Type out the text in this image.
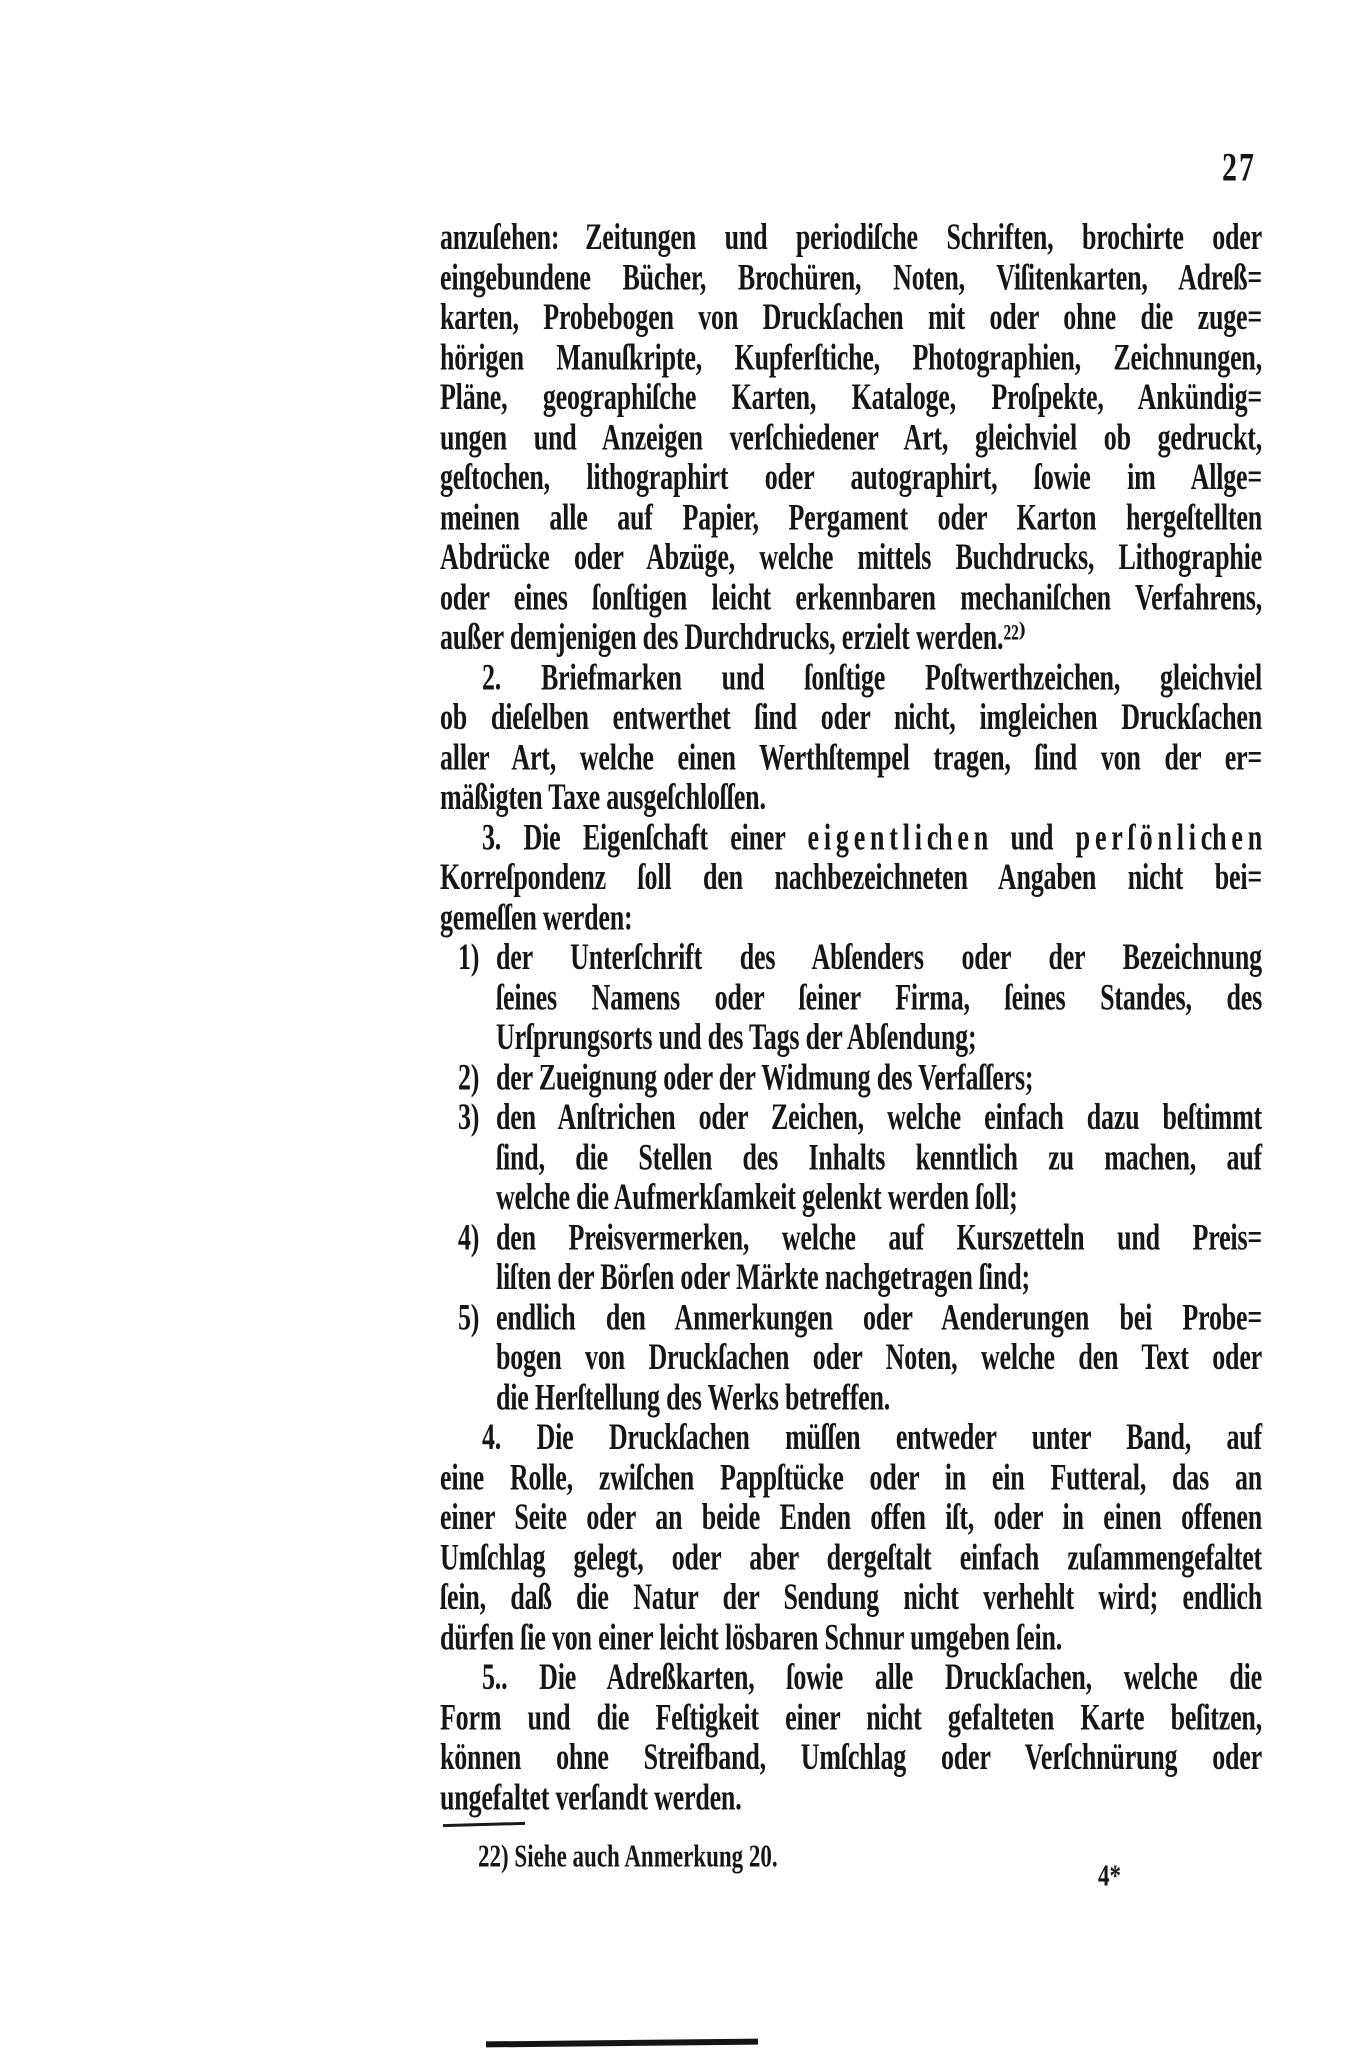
27
anzuſehen: Zeitungen und periodiſche Schriften, brochirte oder
eingebundene Bücher, Brochüren, Noten, Viſitenkarten, Adreß=
karten, Probebogen von Druckſachen mit oder ohne die zuge=
hörigen Manuſkripte, Kupferſtiche, Photographien, Zeichnungen,
Pläne, geographiſche Karten, Kataloge, Proſpekte, Ankündig=
ungen und Anzeigen verſchiedener Art, gleichviel ob gedruckt,
geſtochen, lithographirt oder autographirt, ſowie im Allge=
meinen alle auf Papier, Pergament oder Karton hergeſtellten
Abdrücke oder Abzüge, welche mittels Buchdrucks, Lithographie
oder eines ſonſtigen leicht erkennbaren mechaniſchen Verfahrens,
außer demjenigen des Durchdrucks, erzielt werden.²²⁾
2. Briefmarken und ſonſtige Poſtwerthzeichen, gleichviel
ob dieſelben entwerthet ſind oder nicht, imgleichen Druckſachen
aller Art, welche einen Werthſtempel tragen, ſind von der er=
mäßigten Taxe ausgeſchloſſen.
3. Die Eigenſchaft einer e i g e n t l i ch e n und p e r ſ ö n l i ch e n
Korreſpondenz ſoll den nachbezeichneten Angaben nicht bei=
gemeſſen werden:
1) der Unterſchrift des Abſenders oder der Bezeichnung
ſeines Namens oder ſeiner Firma, ſeines Standes, des
Urſprungsorts und des Tags der Abſendung;
2) der Zueignung oder der Widmung des Verfaſſers;
3) den Anſtrichen oder Zeichen, welche einfach dazu beſtimmt
ſind, die Stellen des Inhalts kenntlich zu machen, auf
welche die Aufmerkſamkeit gelenkt werden ſoll;
4) den Preisvermerken, welche auf Kurszetteln und Preis=
liſten der Börſen oder Märkte nachgetragen ſind;
5) endlich den Anmerkungen oder Aenderungen bei Probe=
bogen von Druckſachen oder Noten, welche den Text oder
die Herſtellung des Werks betreffen.
4. Die Druckſachen müſſen entweder unter Band, auf
eine Rolle, zwiſchen Pappſtücke oder in ein Futteral, das an
einer Seite oder an beide Enden offen iſt, oder in einen offenen
Umſchlag gelegt, oder aber dergeſtalt einfach zuſammengefaltet
ſein, daß die Natur der Sendung nicht verhehlt wird; endlich
dürfen ſie von einer leicht lösbaren Schnur umgeben ſein.
5.. Die Adreßkarten, ſowie alle Druckſachen, welche die
Form und die Feſtigkeit einer nicht gefalteten Karte beſitzen,
können ohne Streifband, Umſchlag oder Verſchnürung oder
ungefaltet verſandt werden.
22) Siehe auch Anmerkung 20.
4*
